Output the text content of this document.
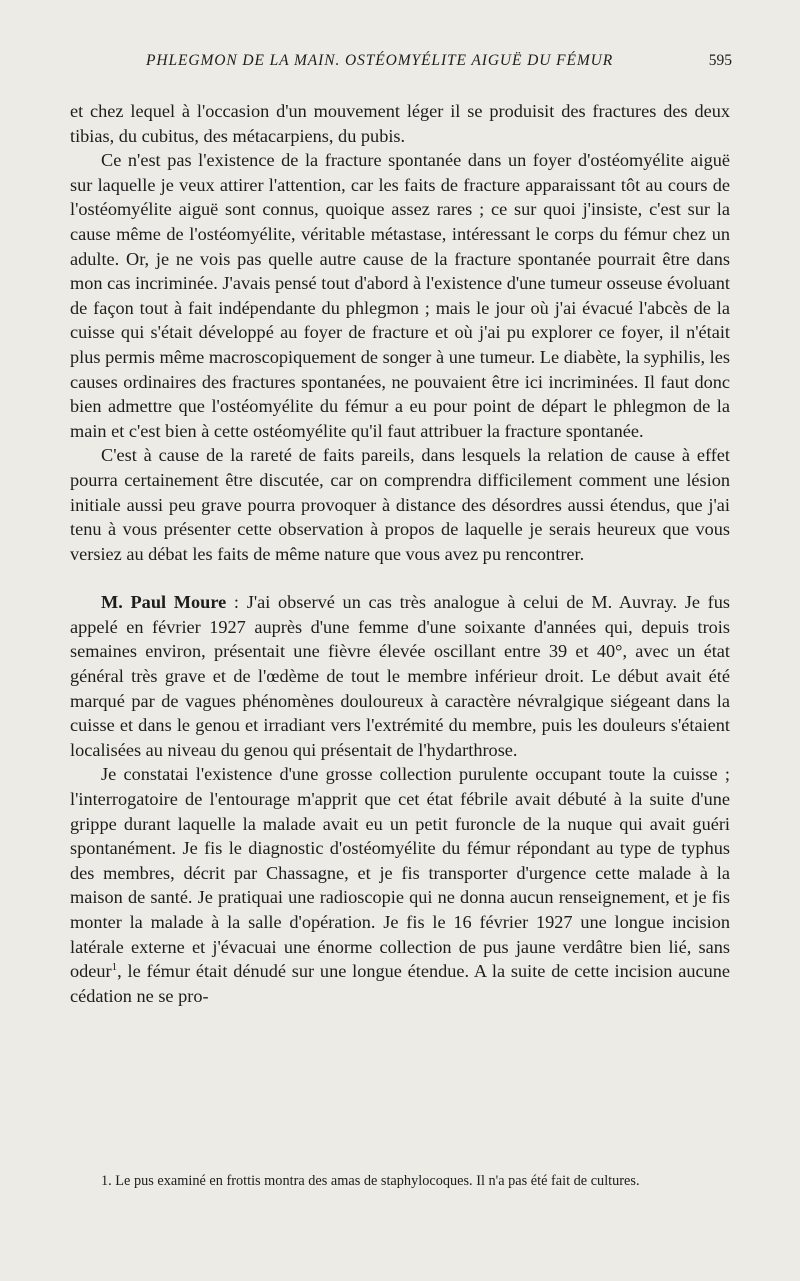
PHLEGMON DE LA MAIN. OSTÉOMYÉLITE AIGUË DU FÉMUR	595

et chez lequel à l'occasion d'un mouvement léger il se produisit des fractures des deux tibias, du cubitus, des métacarpiens, du pubis.

Ce n'est pas l'existence de la fracture spontanée dans un foyer d'ostéomyélite aiguë sur laquelle je veux attirer l'attention, car les faits de fracture apparaissant tôt au cours de l'ostéomyélite aiguë sont connus, quoique assez rares ; ce sur quoi j'insiste, c'est sur la cause même de l'ostéomyélite, véritable métastase, intéressant le corps du fémur chez un adulte. Or, je ne vois pas quelle autre cause de la fracture spontanée pourrait être dans mon cas incriminée. J'avais pensé tout d'abord à l'existence d'une tumeur osseuse évoluant de façon tout à fait indépendante du phlegmon ; mais le jour où j'ai évacué l'abcès de la cuisse qui s'était développé au foyer de fracture et où j'ai pu explorer ce foyer, il n'était plus permis même macroscopiquement de songer à une tumeur. Le diabète, la syphilis, les causes ordinaires des fractures spontanées, ne pouvaient être ici incriminées. Il faut donc bien admettre que l'ostéomyélite du fémur a eu pour point de départ le phlegmon de la main et c'est bien à cette ostéomyélite qu'il faut attribuer la fracture spontanée.

C'est à cause de la rareté de faits pareils, dans lesquels la relation de cause à effet pourra certainement être discutée, car on comprendra difficilement comment une lésion initiale aussi peu grave pourra provoquer à distance des désordres aussi étendus, que j'ai tenu à vous présenter cette observation à propos de laquelle je serais heureux que vous versiez au débat les faits de même nature que vous avez pu rencontrer.

M. Paul Moure : J'ai observé un cas très analogue à celui de M. Auvray. Je fus appelé en février 1927 auprès d'une femme d'une soixante d'années qui, depuis trois semaines environ, présentait une fièvre élevée oscillant entre 39 et 40°, avec un état général très grave et de l'œdème de tout le membre inférieur droit. Le début avait été marqué par de vagues phénomènes douloureux à caractère névralgique siégeant dans la cuisse et dans le genou et irradiant vers l'extrémité du membre, puis les douleurs s'étaient localisées au niveau du genou qui présentait de l'hydarthrose.

Je constatai l'existence d'une grosse collection purulente occupant toute la cuisse ; l'interrogatoire de l'entourage m'apprit que cet état fébrile avait débuté à la suite d'une grippe durant laquelle la malade avait eu un petit furoncle de la nuque qui avait guéri spontanément. Je fis le diagnostic d'ostéomyélite du fémur répondant au type de typhus des membres, décrit par Chassagne, et je fis transporter d'urgence cette malade à la maison de santé. Je pratiquai une radioscopie qui ne donna aucun renseignement, et je fis monter la malade à la salle d'opération. Je fis le 16 février 1927 une longue incision latérale externe et j'évacuai une énorme collection de pus jaune verdâtre bien lié, sans odeur$^1$, le fémur était dénudé sur une longue étendue. A la suite de cette incision aucune cédation ne se pro-

1. Le pus examiné en frottis montra des amas de staphylocoques. Il n'a pas été fait de cultures.
